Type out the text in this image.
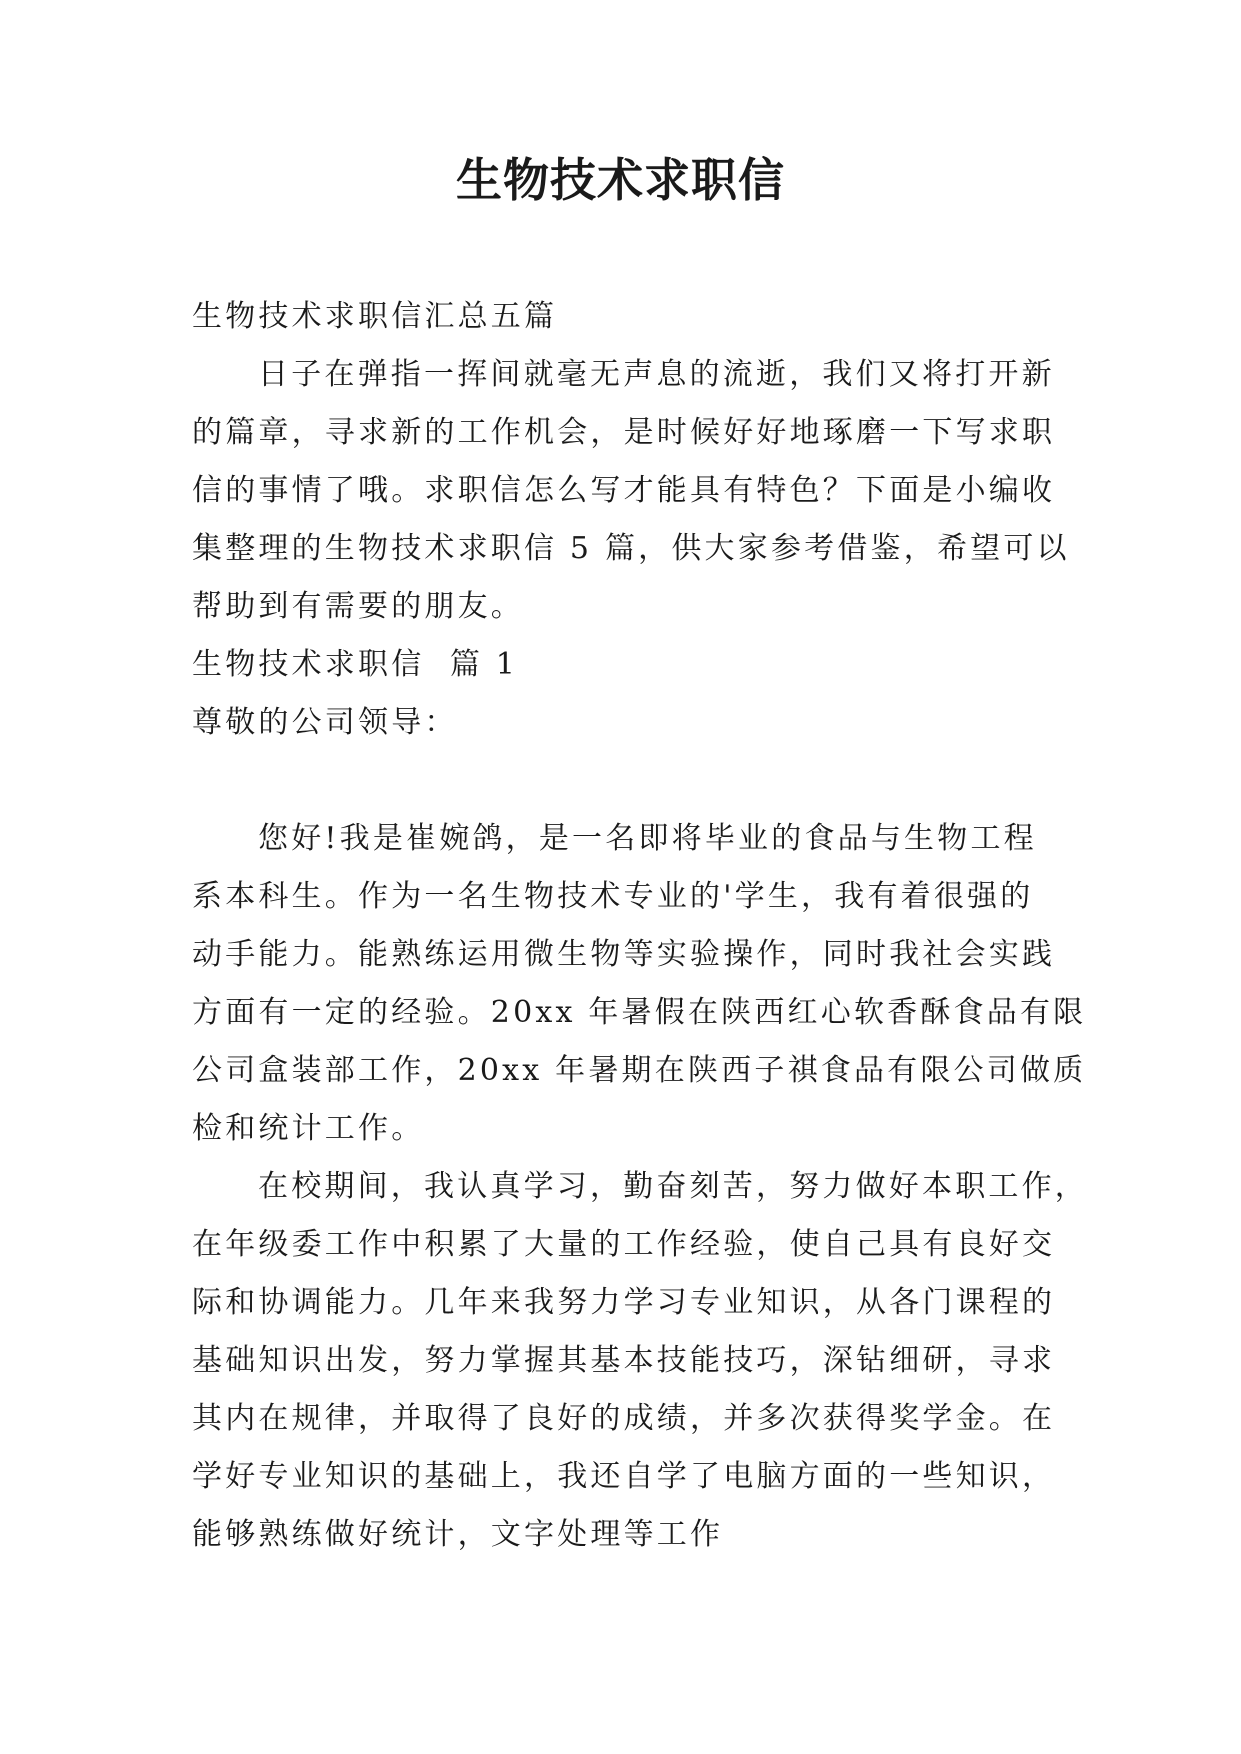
生物技术求职信

生物技术求职信汇总五篇

日子在弹指一挥间就毫无声息的流逝，我们又将打开新

的篇章，寻求新的工作机会，是时候好好地琢磨一下写求职

信的事情了哦。求职信怎么写才能具有特色？下面是小编收

集整理的生物技术求职信 5 篇，供大家参考借鉴，希望可以

帮助到有需要的朋友。

生物技术求职信  篇 1

尊敬的公司领导：

您好!我是崔婉鸽，是一名即将毕业的食品与生物工程

系本科生。作为一名生物技术专业的'学生，我有着很强的

动手能力。能熟练运用微生物等实验操作，同时我社会实践

方面有一定的经验。20xx 年暑假在陕西红心软香酥食品有限

公司盒装部工作，20xx 年暑期在陕西子祺食品有限公司做质

检和统计工作。

在校期间，我认真学习，勤奋刻苦，努力做好本职工作，

在年级委工作中积累了大量的工作经验，使自己具有良好交

际和协调能力。几年来我努力学习专业知识，从各门课程的

基础知识出发，努力掌握其基本技能技巧，深钻细研，寻求

其内在规律，并取得了良好的成绩，并多次获得奖学金。在

学好专业知识的基础上，我还自学了电脑方面的一些知识，

能够熟练做好统计，文字处理等工作
